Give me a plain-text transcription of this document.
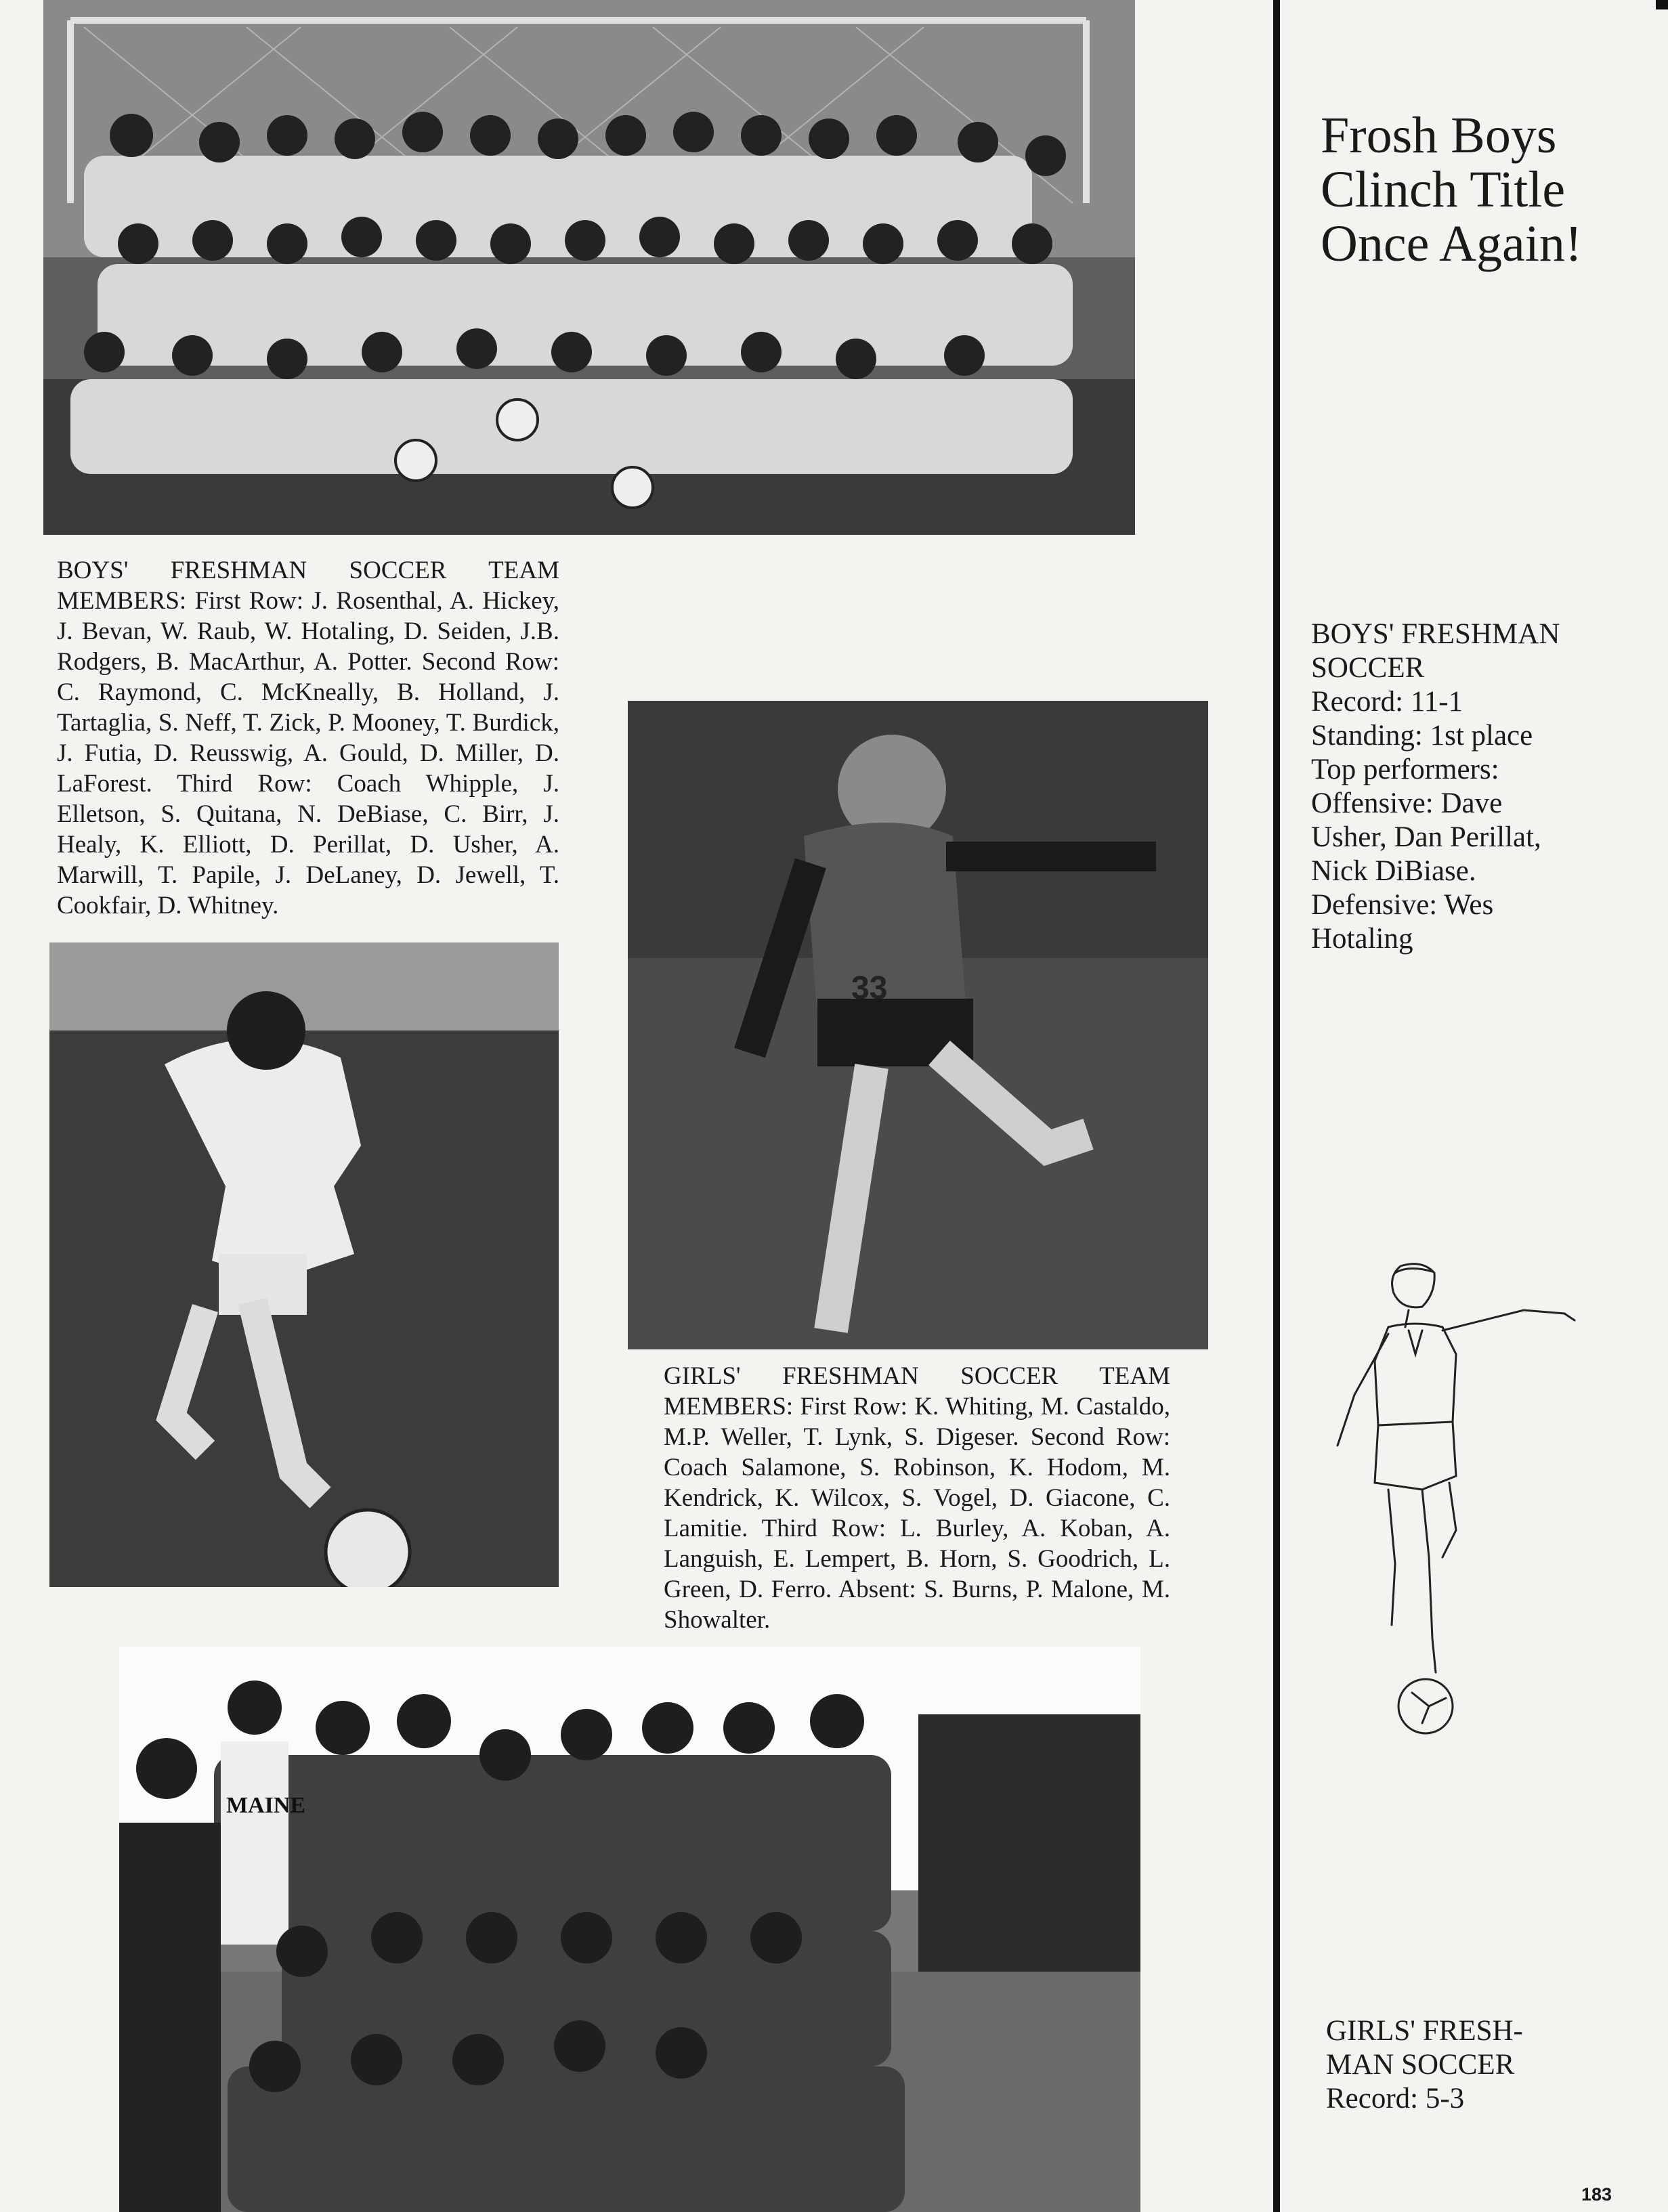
BOYS' FRESHMAN SOCCER TEAM MEMBERS: First Row: J. Rosenthal, A. Hickey, J. Bevan, W. Raub, W. Hotaling, D. Seiden, J.B. Rodgers, B. MacArthur, A. Potter. Second Row: C. Raymond, C. McKneally, B. Holland, J. Tartaglia, S. Neff, T. Zick, P. Mooney, T. Burdick, J. Futia, D. Reusswig, A. Gould, D. Miller, D. LaForest. Third Row: Coach Whipple, J. Elletson, S. Quitana, N. DeBiase, C. Birr, J. Healy, K. Elliott, D. Perillat, D. Usher, A. Marwill, T. Papile, J. DeLaney, D. Jewell, T. Cookfair, D. Whitney.
33
GIRLS' FRESHMAN SOCCER TEAM MEMBERS: First Row: K. Whiting, M. Castaldo, M.P. Weller, T. Lynk, S. Digeser. Second Row: Coach Salamone, S. Robinson, K. Hodom, M. Kendrick, K. Wilcox, S. Vogel, D. Giacone, C. Lamitie. Third Row: L. Burley, A. Koban, A. Languish, E. Lempert, B. Horn, S. Goodrich, L. Green, D. Ferro. Absent: S. Burns, P. Malone, M. Showalter.
MAINE
Frosh Boys
Clinch Title
Once Again!
BOYS' FRESHMAN
SOCCER
Record: 11-1
Standing: 1st place
Top performers:
Offensive: Dave
Usher, Dan Perillat,
Nick DiBiase.
Defensive: Wes
Hotaling
GIRLS' FRESH-
MAN SOCCER
Record: 5-3
183
